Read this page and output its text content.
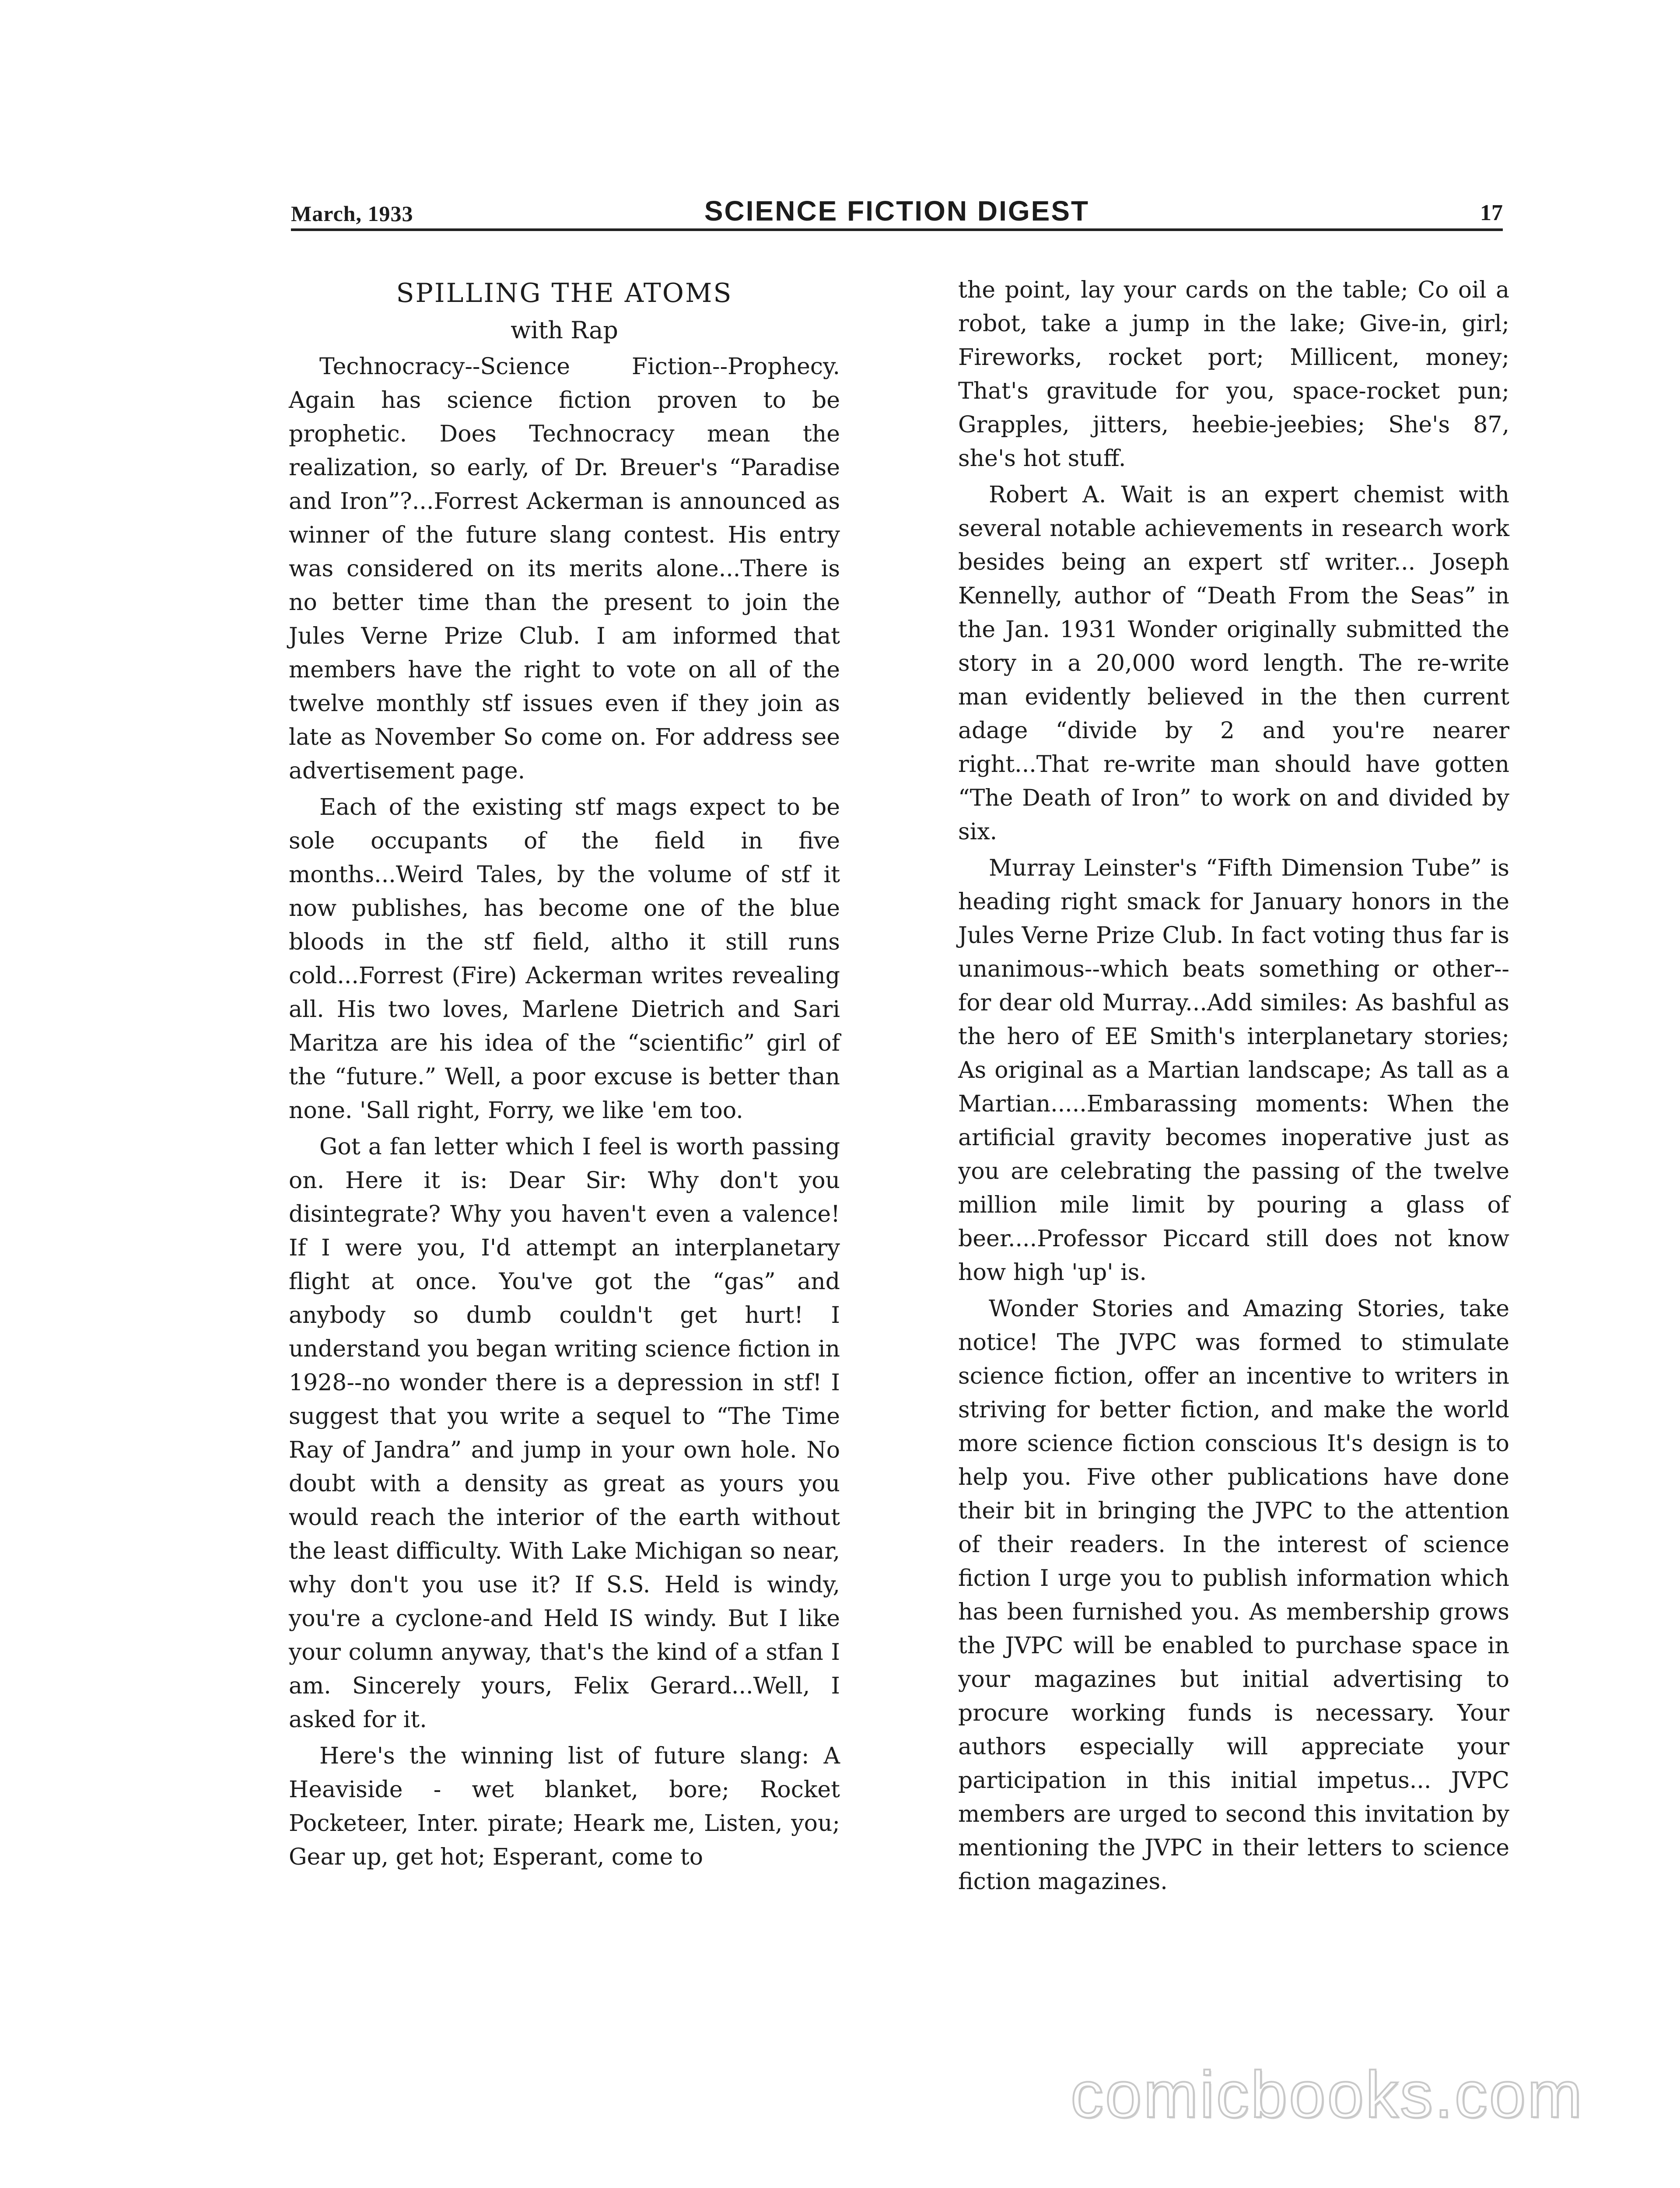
March, 1933	SCIENCE FICTION DIGEST	17

SPILLING THE ATOMS

with Rap

Technocracy--Science Fiction--Prophecy. Again has science fiction proven to be prophetic. Does Technocracy mean the realization, so early, of Dr. Breuer's “Paradise and Iron”?...Forrest Ackerman is announced as winner of the future slang contest. His entry was considered on its merits alone...There is no better time than the present to join the Jules Verne Prize Club. I am informed that members have the right to vote on all of the twelve monthly stf issues even if they join as late as November So come on. For address see advertisement page.

Each of the existing stf mags expect to be sole occupants of the field in five months...Weird Tales, by the volume of stf it now publishes, has become one of the blue bloods in the stf field, altho it still runs cold...Forrest (Fire) Ackerman writes revealing all. His two loves, Marlene Dietrich and Sari Maritza are his idea of the “scientific” girl of the “future.” Well, a poor excuse is better than none. 'Sall right, Forry, we like 'em too.

Got a fan letter which I feel is worth passing on. Here it is: Dear Sir: Why don't you disintegrate? Why you haven't even a valence! If I were you, I'd attempt an interplanetary flight at once. You've got the “gas” and anybody so dumb couldn't get hurt! I understand you began writing science fiction in 1928--no wonder there is a depression in stf! I suggest that you write a sequel to “The Time Ray of Jandra” and jump in your own hole. No doubt with a density as great as yours you would reach the interior of the earth without the least difficulty. With Lake Michigan so near, why don't you use it? If S.S. Held is windy, you're a cyclone-and Held IS windy. But I like your column anyway, that's the kind of a stfan I am. Sincerely yours, Felix Gerard...Well, I asked for it.

Here's the winning list of future slang: A Heaviside - wet blanket, bore; Rocket Pocketeer, Inter. pirate; Heark me, Listen, you; Gear up, get hot; Esperant, come to

the point, lay your cards on the table; Co oil a robot, take a jump in the lake; Give-in, girl; Fireworks, rocket port; Millicent, money; That's gravitude for you, space-rocket pun; Grapples, jitters, heebie-jeebies; She's 87, she's hot stuff.

Robert A. Wait is an expert chemist with several notable achievements in research work besides being an expert stf writer... Joseph Kennelly, author of “Death From the Seas” in the Jan. 1931 Wonder originally submitted the story in a 20,000 word length. The re-write man evidently believed in the then current adage “divide by 2 and you're nearer right...That re-write man should have gotten “The Death of Iron” to work on and divided by six.

Murray Leinster's “Fifth Dimension Tube” is heading right smack for January honors in the Jules Verne Prize Club. In fact voting thus far is unanimous--which beats something or other--for dear old Murray...Add similes: As bashful as the hero of EE Smith's interplanetary stories; As original as a Martian landscape; As tall as a Martian.....Embarassing moments: When the artificial gravity becomes inoperative just as you are celebrating the passing of the twelve million mile limit by pouring a glass of beer....Professor Piccard still does not know how high 'up' is.

Wonder Stories and Amazing Stories, take notice! The JVPC was formed to stimulate science fiction, offer an incentive to writers in striving for better fiction, and make the world more science fiction conscious It's design is to help you. Five other publications have done their bit in bringing the JVPC to the attention of their readers. In the interest of science fiction I urge you to publish information which has been furnished you. As membership grows the JVPC will be enabled to purchase space in your magazines but initial advertising to procure working funds is necessary. Your authors especially will appreciate your participation in this initial impetus... JVPC members are urged to second this invitation by mentioning the JVPC in their letters to science fiction magazines.

comicbooks.com
